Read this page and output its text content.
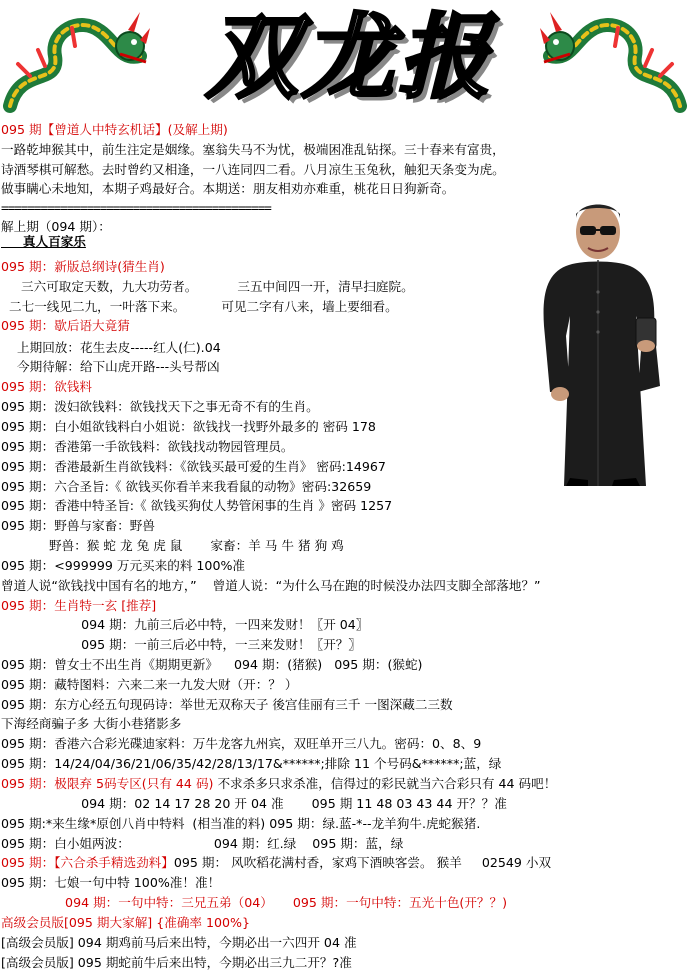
双龙报
095 期【曾道人中特玄机话】(及解上期)
一路乾坤猴其中，前生注定是姻缘。塞翁失马不为忧，极端困准乱钻探。三十春来有富贵，
诗酒琴棋可解愁。去时曾约又相逢，一八连同四二看。八月凉生玉兔秋，触犯天条变为虎。
做事瞒心未地知，本期子鸡最好合。本期送：朋友相劝亦难重，桃花日日狗新奇。
=========================================
解上期（094 期）：
真人百家乐
095 期：新版总纲诗(猜生肖)
三六可取定天数，九大功劳者。          三五中间四一开，清早扫庭院。
二七一线见二九，一叶落下来。         可见二字有八来，墙上要细看。
095 期：歇后语大竟猜
上期回放：花生去皮-----红人(仁).04
今期待解：给下山虎开路---头号帮凶
095 期：欲钱料
095 期：泼妇欲钱料：欲钱找天下之事无奇不有的生肖。
095 期：白小姐欲钱料白小姐说：欲钱找一找野外最多的 密码 178
095 期：香港第一手欲钱料：欲钱找动物园管理员。
095 期：香港最新生肖欲钱料：《欲钱买最可爱的生肖》 密码:14967
095 期：六合圣旨:《 欲钱买你看羊来我看鼠的动物》密码:32659
095 期：香港中特圣旨:《 欲钱买狗仗人势管闲事的生肖 》密码 1257
095 期：野兽与家畜：野兽
野兽：猴 蛇 龙 兔 虎 鼠       家畜：羊 马 牛 猪 狗 鸡
095 期：<999999 万元买来的料 100%准
曾道人说“欲钱找中国有名的地方，”    曾道人说：“为什么马在跑的时候没办法四支脚全部落地？”
095 期：生肖特一玄 [推荐]
094 期：九前三后必中特，一四来发财！〖开 04〗
095 期：一前三后必中特，一三来发财！〖开？〗
095 期：曾女士不出生肖《期期更新》    094 期：(猪猴)   095 期：(猴蛇)
095 期：藏特图料：六来二来一九发大财（开：？ ）
095 期：东方心经五句现码诗：举世无双称天子 後宫佳丽有三千 一图深藏二三数
下海经商骗子多 大街小巷猪影多
095 期：香港六合彩光碟迪家料：万牛龙客九州宾，双旺单开三八九。密码：0、8、9
095 期：14/24/04/36/21/06/35/42/28/13/17&******;排除 11 个号码&******;蓝，绿
095 期：极限弃 5码专区(只有 44 码) 不求杀多只求杀准，信得过的彩民就当六合彩只有 44 码吧！
094 期：02 14 17 28 20 开 04 准       095 期 11 48 03 43 44 开？？准
095 期:*来生缘*原创八肖中特料  (相当准的料) 095 期：绿.蓝-*--龙羊狗牛.虎蛇猴猪.
095 期：白小姐两波：                     094 期：红.绿    095 期：蓝，绿
095 期：【六合杀手精选劲料】095 期： 风吹稻花满村香，家鸡下酒映客尝。 猴羊     02549 小双
095 期：七娘一句中特 100%准！准！
094 期：一句中特：三兄五弟（04）     095 期：一句中特：五光十色(开？？)
高级会员版[095 期大家解] {准确率 100%}
[高级会员版] 094 期鸡前马后来出特，今期必出一六四开 04 准
[高级会员版] 095 期蛇前牛后来出特，今期必出三九二开？?准
